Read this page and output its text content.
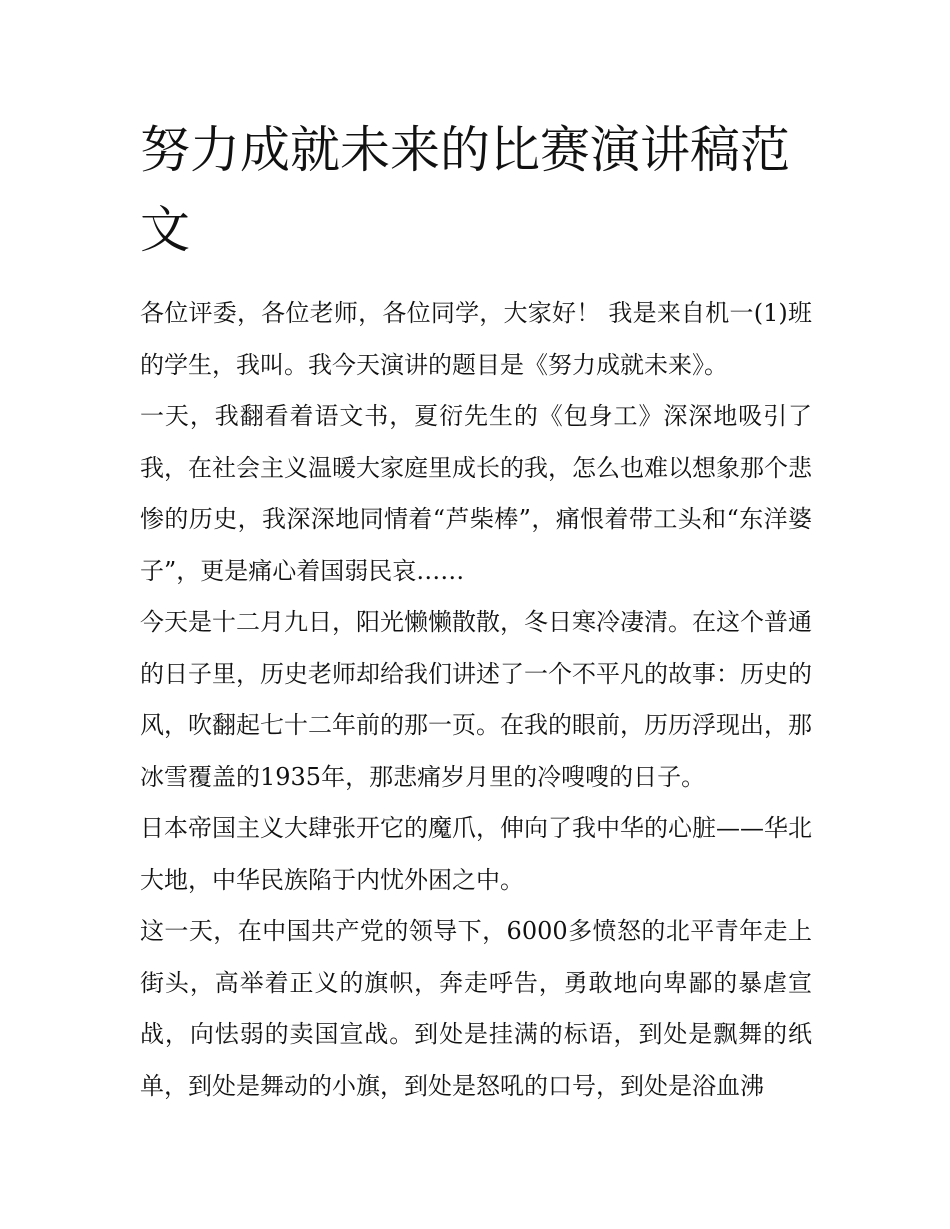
努力成就未来的比赛演讲稿范文

各位评委，各位老师，各位同学，大家好！ 我是来自机一(1)班的学生，我叫。我今天演讲的题目是《努力成就未来》。

一天，我翻看着语文书，夏衍先生的《包身工》深深地吸引了我，在社会主义温暖大家庭里成长的我，怎么也难以想象那个悲惨的历史，我深深地同情着“芦柴棒”，痛恨着带工头和“东洋婆子”，更是痛心着国弱民哀……

今天是十二月九日，阳光懒懒散散，冬日寒冷凄清。在这个普通的日子里，历史老师却给我们讲述了一个不平凡的故事：历史的风，吹翻起七十二年前的那一页。在我的眼前，历历浮现出，那冰雪覆盖的1935年，那悲痛岁月里的冷嗖嗖的日子。

日本帝国主义大肆张开它的魔爪，伸向了我中华的心脏——华北大地，中华民族陷于内忧外困之中。

这一天，在中国共产党的领导下，6000多愤怒的北平青年走上街头，高举着正义的旗帜，奔走呼告，勇敢地向卑鄙的暴虐宣战，向怯弱的卖国宣战。到处是挂满的标语，到处是飘舞的纸单，到处是舞动的小旗，到处是怒吼的口号，到处是浴血沸
